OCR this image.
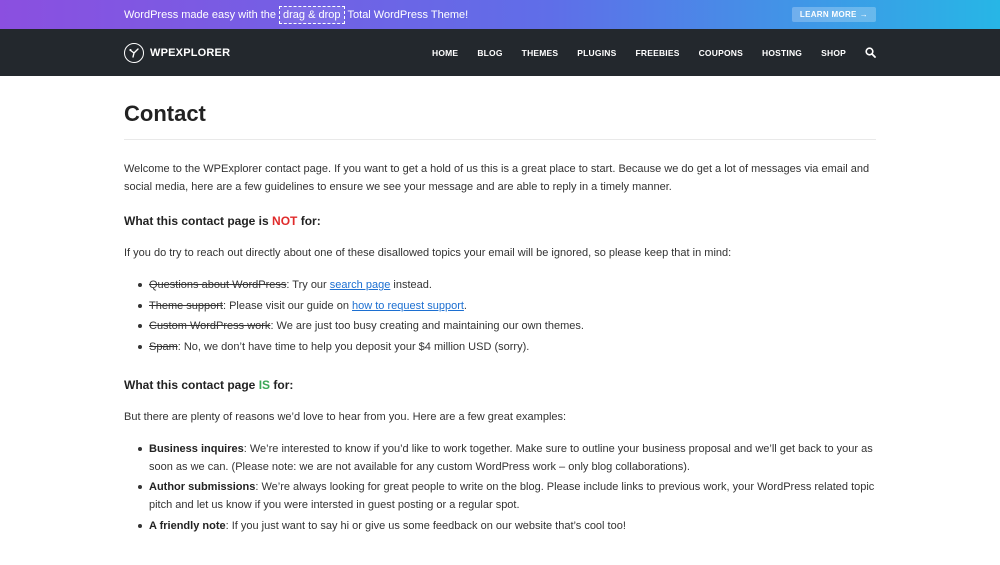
WordPress made easy with the drag & drop Total WordPress Theme!	LEARN MORE →
WPEXPLORER	HOME BLOG THEMES PLUGINS FREEBIES COUPONS HOSTING SHOP
Contact

Welcome to the WPExplorer contact page. If you want to get a hold of us this is a great place to start. Because we do get a lot of messages via email and social media, here are a few guidelines to ensure we see your message and are able to reply in a timely manner.

What this contact page is NOT for:

If you do try to reach out directly about one of these disallowed topics your email will be ignored, so please keep that in mind:

Questions about WordPress: Try our search page instead.
Theme support: Please visit our guide on how to request support.
Custom WordPress work: We are just too busy creating and maintaining our own themes.
Spam: No, we don’t have time to help you deposit your $4 million USD (sorry).
What this contact page IS for:

But there are plenty of reasons we’d love to hear from you. Here are a few great examples:

Business inquires: We’re interested to know if you’d like to work together. Make sure to outline your business proposal and we’ll get back to your as soon as we can. (Please note: we are not available for any custom WordPress work – only blog collaborations).
Author submissions: We’re always looking for great people to write on the blog. Please include links to previous work, your WordPress related topic pitch and let us know if you were intersted in guest posting or a regular spot.
A friendly note: If you just want to say hi or give us some feedback on our website that’s cool too!
